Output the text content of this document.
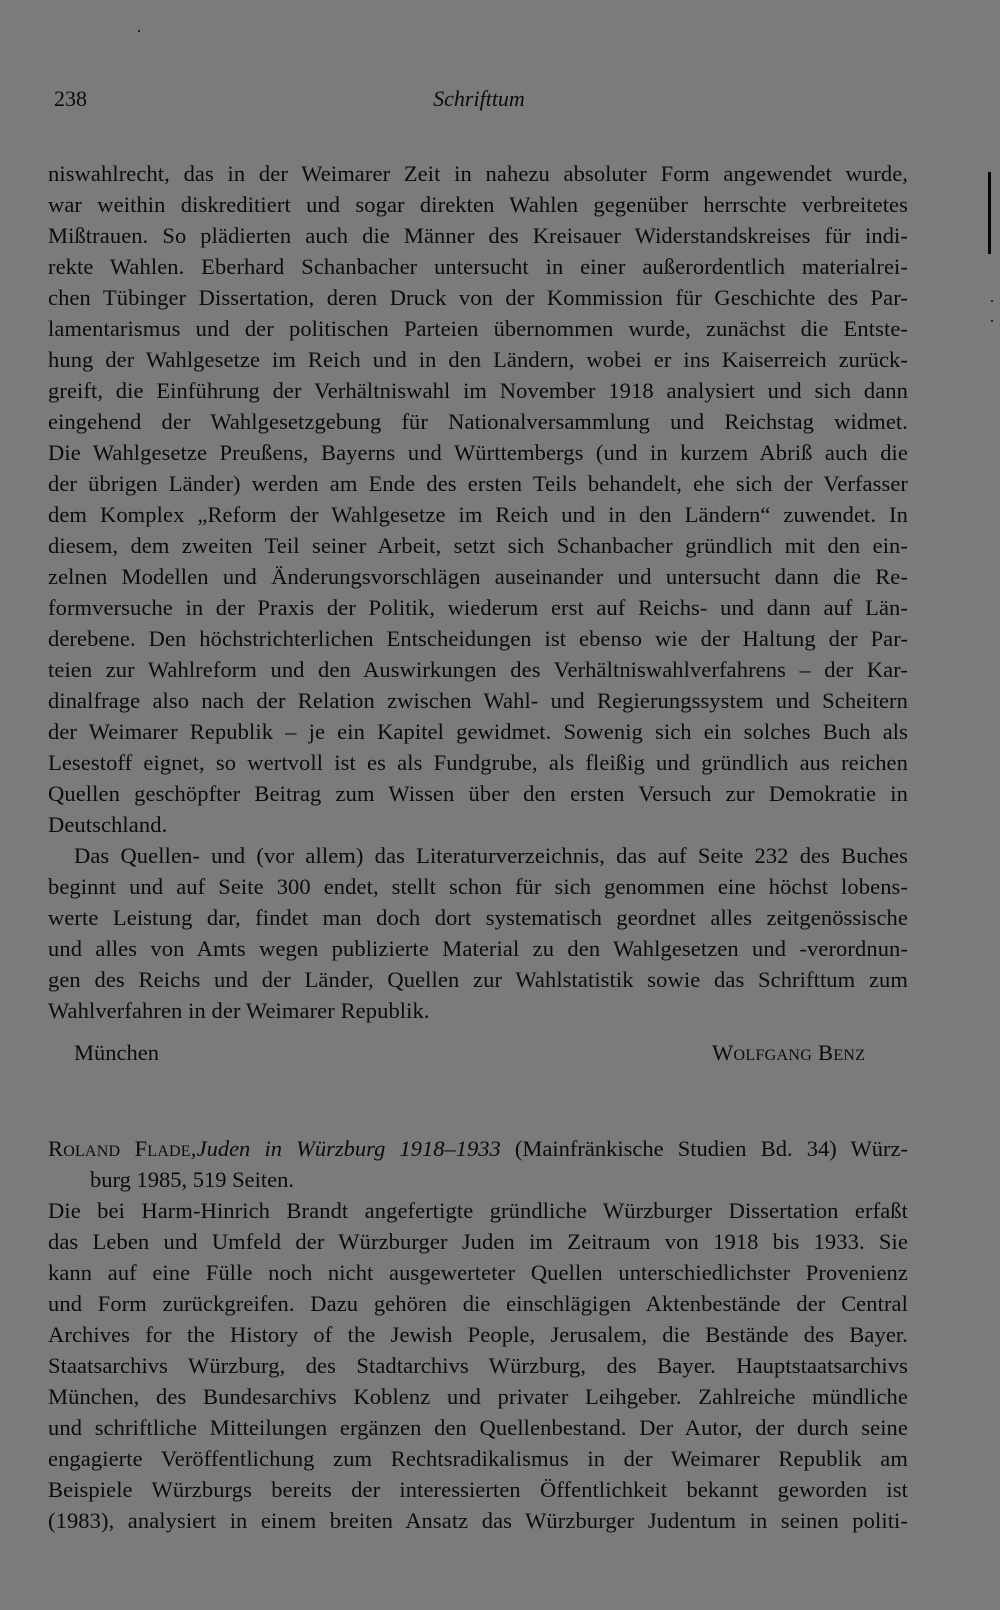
238	Schrifttum
niswahlrecht, das in der Weimarer Zeit in nahezu absoluter Form angewendet wurde,
war weithin diskreditiert und sogar direkten Wahlen gegenüber herrschte verbreitetes
Mißtrauen. So plädierten auch die Männer des Kreisauer Widerstandskreises für indi-
rekte Wahlen. Eberhard Schanbacher untersucht in einer außerordentlich materialrei-
chen Tübinger Dissertation, deren Druck von der Kommission für Geschichte des Par-
lamentarismus und der politischen Parteien übernommen wurde, zunächst die Entste-
hung der Wahlgesetze im Reich und in den Ländern, wobei er ins Kaiserreich zurück-
greift, die Einführung der Verhältniswahl im November 1918 analysiert und sich dann
eingehend der Wahlgesetzgebung für Nationalversammlung und Reichstag widmet.
Die Wahlgesetze Preußens, Bayerns und Württembergs (und in kurzem Abriß auch die
der übrigen Länder) werden am Ende des ersten Teils behandelt, ehe sich der Verfasser
dem Komplex „Reform der Wahlgesetze im Reich und in den Ländern“ zuwendet. In
diesem, dem zweiten Teil seiner Arbeit, setzt sich Schanbacher gründlich mit den ein-
zelnen Modellen und Änderungsvorschlägen auseinander und untersucht dann die Re-
formversuche in der Praxis der Politik, wiederum erst auf Reichs- und dann auf Län-
derebene. Den höchstrichterlichen Entscheidungen ist ebenso wie der Haltung der Par-
teien zur Wahlreform und den Auswirkungen des Verhältniswahlverfahrens – der Kar-
dinalfrage also nach der Relation zwischen Wahl- und Regierungssystem und Scheitern
der Weimarer Republik – je ein Kapitel gewidmet. Sowenig sich ein solches Buch als
Lesestoff eignet, so wertvoll ist es als Fundgrube, als fleißig und gründlich aus reichen
Quellen geschöpfter Beitrag zum Wissen über den ersten Versuch zur Demokratie in
Deutschland.
Das Quellen- und (vor allem) das Literaturverzeichnis, das auf Seite 232 des Buches
beginnt und auf Seite 300 endet, stellt schon für sich genommen eine höchst lobens-
werte Leistung dar, findet man doch dort systematisch geordnet alles zeitgenössische
und alles von Amts wegen publizierte Material zu den Wahlgesetzen und -verordnun-
gen des Reichs und der Länder, Quellen zur Wahlstatistik sowie das Schrifttum zum
Wahlverfahren in der Weimarer Republik.
München	Wolfgang Benz
Roland Flade,Juden in Würzburg 1918–1933 (Mainfränkische Studien Bd. 34) Würz-
burg 1985, 519 Seiten.
Die bei Harm-Hinrich Brandt angefertigte gründliche Würzburger Dissertation erfaßt
das Leben und Umfeld der Würzburger Juden im Zeitraum von 1918 bis 1933. Sie
kann auf eine Fülle noch nicht ausgewerteter Quellen unterschiedlichster Provenienz
und Form zurückgreifen. Dazu gehören die einschlägigen Aktenbestände der Central
Archives for the History of the Jewish People, Jerusalem, die Bestände des Bayer.
Staatsarchivs Würzburg, des Stadtarchivs Würzburg, des Bayer. Hauptstaatsarchivs
München, des Bundesarchivs Koblenz und privater Leihgeber. Zahlreiche mündliche
und schriftliche Mitteilungen ergänzen den Quellenbestand. Der Autor, der durch seine
engagierte Veröffentlichung zum Rechtsradikalismus in der Weimarer Republik am
Beispiele Würzburgs bereits der interessierten Öffentlichkeit bekannt geworden ist
(1983), analysiert in einem breiten Ansatz das Würzburger Judentum in seinen politi-
